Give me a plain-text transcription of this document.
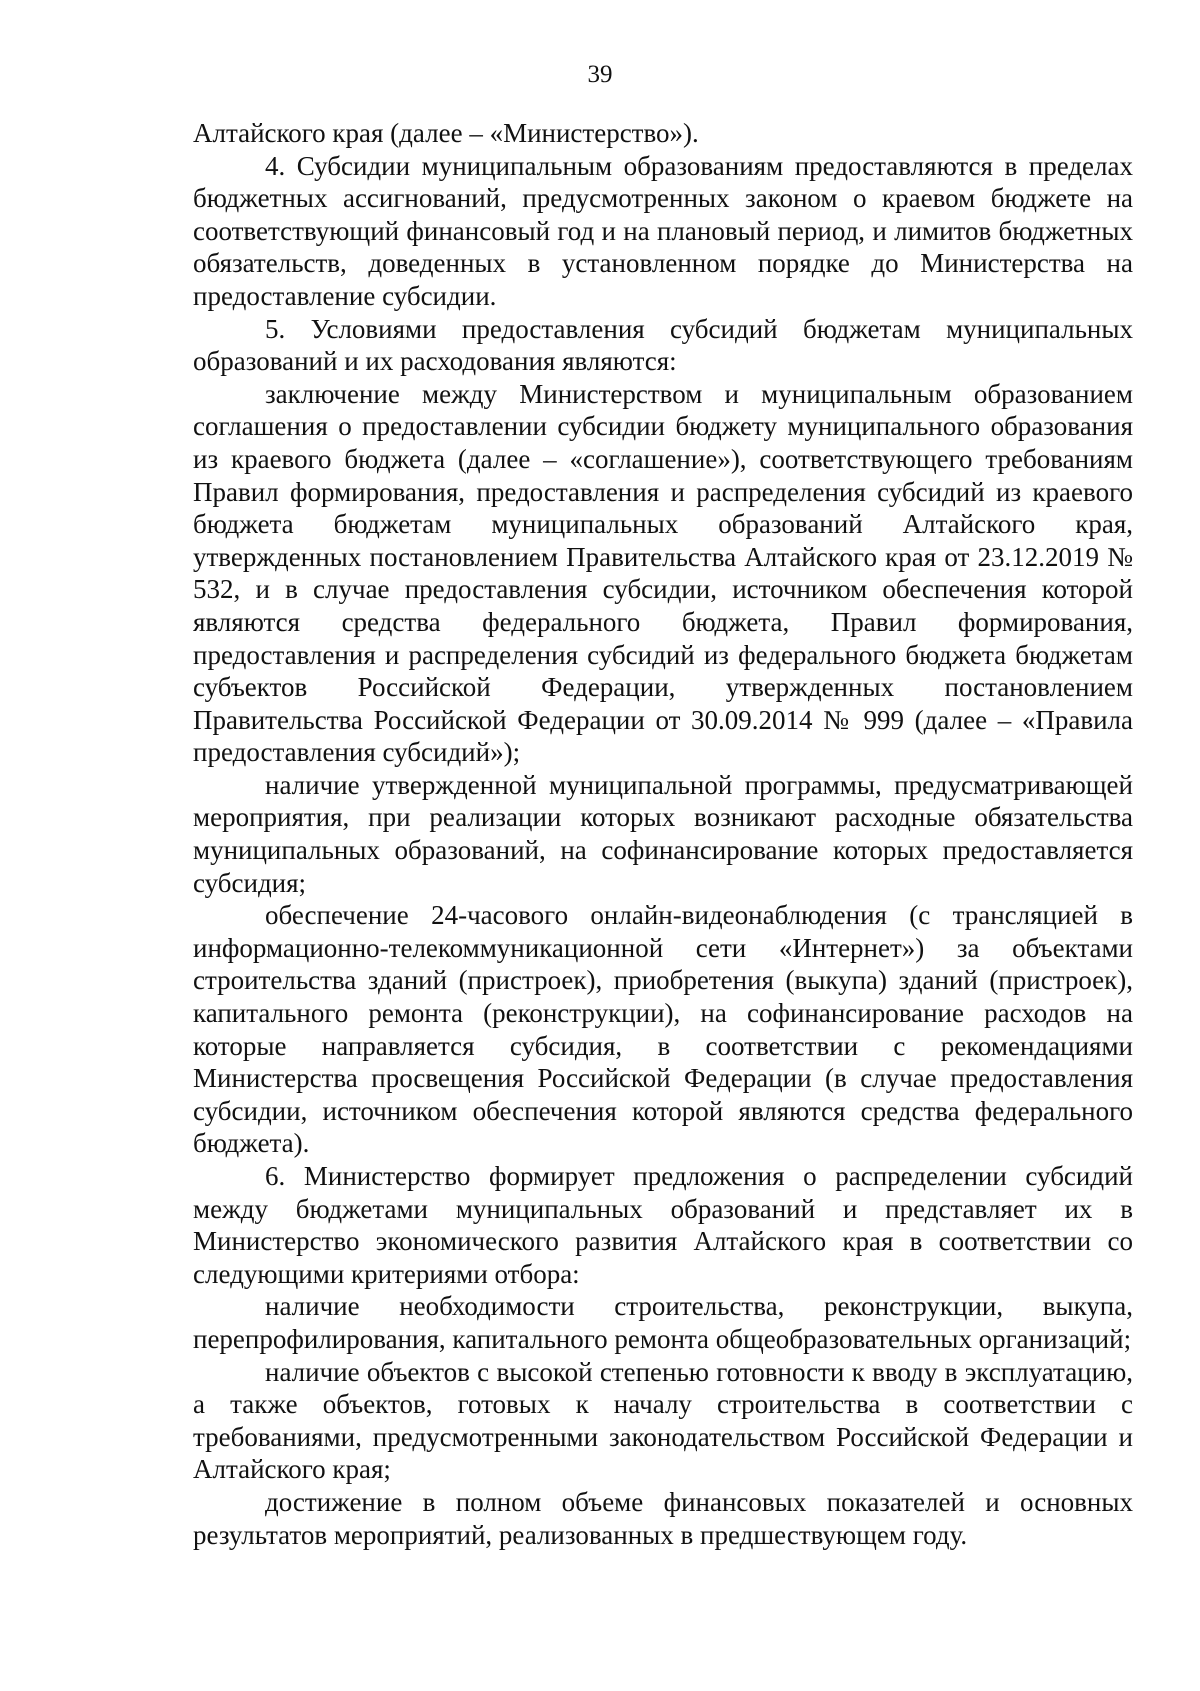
39

Алтайского края (далее – «Министерство»).

4. Субсидии муниципальным образованиям предоставляются в пределах бюджетных ассигнований, предусмотренных законом о краевом бюджете на соответствующий финансовый год и на плановый период, и лимитов бюджетных обязательств, доведенных в установленном порядке до Министерства на предоставление субсидии.

5. Условиями предоставления субсидий бюджетам муниципальных образований и их расходования являются:

заключение между Министерством и муниципальным образованием соглашения о предоставлении субсидии бюджету муниципального образования из краевого бюджета (далее – «соглашение»), соответствующего требованиям Правил формирования, предоставления и распределения субсидий из краевого бюджета бюджетам муниципальных образований Алтайского края, утвержденных постановлением Правительства Алтайского края от 23.12.2019 № 532, и в случае предоставления субсидии, источником обеспечения которой являются средства федерального бюджета, Правил формирования, предоставления и распределения субсидий из федерального бюджета бюджетам субъектов Российской Федерации, утвержденных постановлением Правительства Российской Федерации от 30.09.2014 № 999 (далее – «Правила предоставления субсидий»);

наличие утвержденной муниципальной программы, предусматривающей мероприятия, при реализации которых возникают расходные обязательства муниципальных образований, на софинансирование которых предоставляется субсидия;

обеспечение 24-часового онлайн-видеонаблюдения (с трансляцией в информационно-телекоммуникационной сети «Интернет») за объектами строительства зданий (пристроек), приобретения (выкупа) зданий (пристроек), капитального ремонта (реконструкции), на софинансирование расходов на которые направляется субсидия, в соответствии с рекомендациями Министерства просвещения Российской Федерации (в случае предоставления субсидии, источником обеспечения которой являются средства федерального бюджета).

6. Министерство формирует предложения о распределении субсидий между бюджетами муниципальных образований и представляет их в Министерство экономического развития Алтайского края в соответствии со следующими критериями отбора:

наличие необходимости строительства, реконструкции, выкупа, перепрофилирования, капитального ремонта общеобразовательных организаций;

наличие объектов с высокой степенью готовности к вводу в эксплуатацию, а также объектов, готовых к началу строительства в соответствии с требованиями, предусмотренными законодательством Российской Федерации и Алтайского края;

достижение в полном объеме финансовых показателей и основных результатов мероприятий, реализованных в предшествующем году.
